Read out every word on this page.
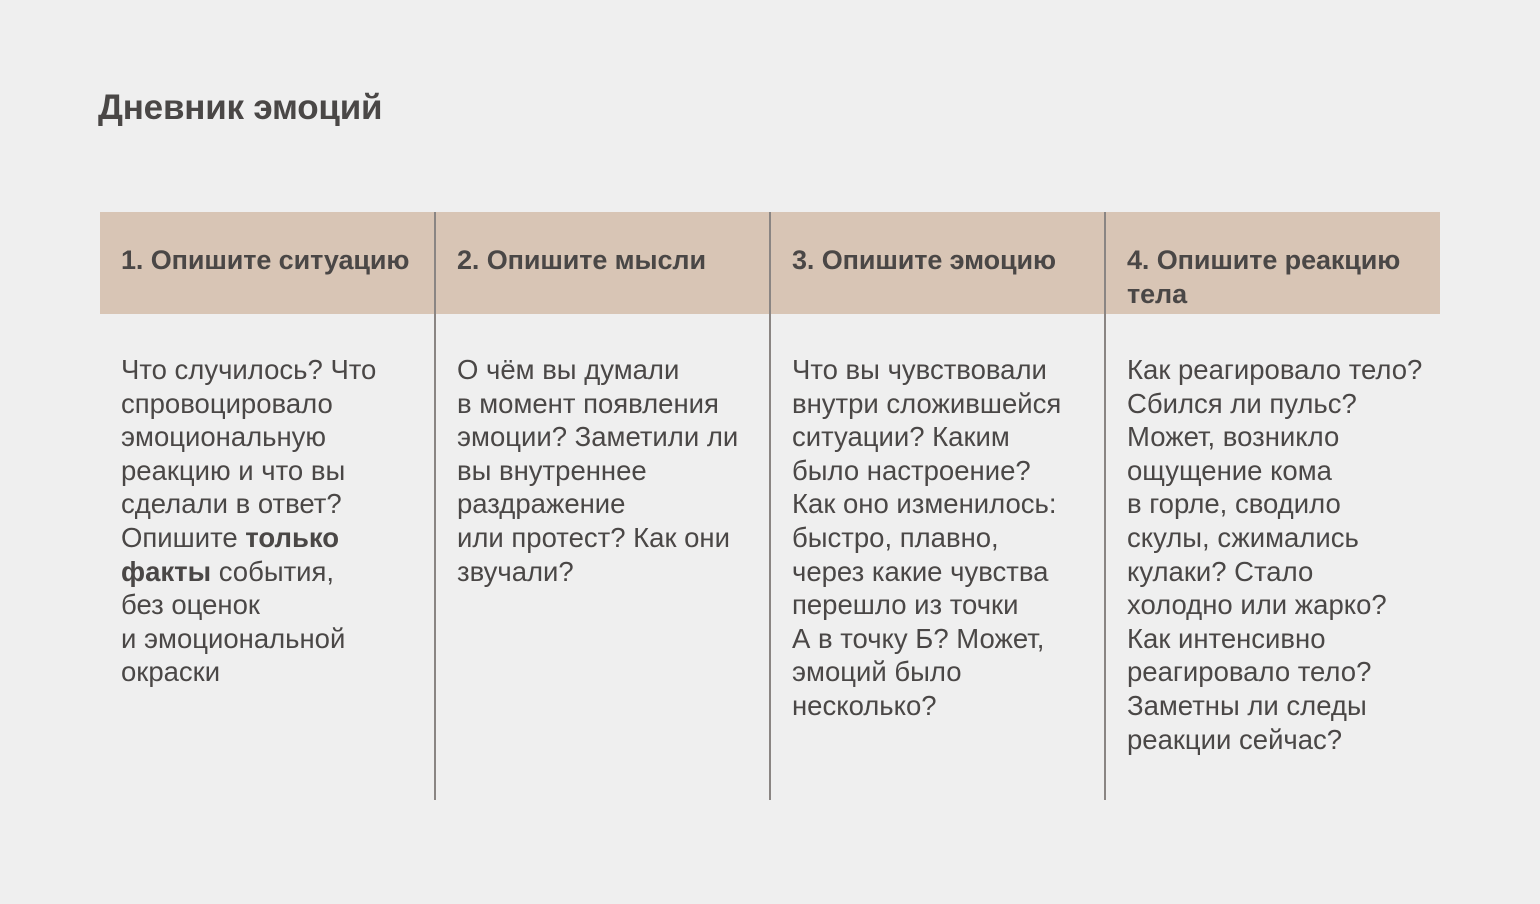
Дневник эмоций
1. Опишите ситуацию
Что случилось? Что
спровоцировало
эмоциональную
реакцию и что вы
сделали в ответ?
Опишите только
факты события,
без оценок
и эмоциональной
окраски
2. Опишите мысли
О чём вы думали
в момент появления
эмоции? Заметили ли
вы внутреннее
раздражение
или протест? Как они
звучали?
3. Опишите эмоцию
Что вы чувствовали
внутри сложившейся
ситуации? Каким
было настроение?
Как оно изменилось:
быстро, плавно,
через какие чувства
перешло из точки
А в точку Б? Может,
эмоций было
несколько?
4. Опишите реакцию тела
Как реагировало тело?
Сбился ли пульс?
Может, возникло
ощущение кома
в горле, сводило
скулы, сжимались
кулаки? Стало
холодно или жарко?
Как интенсивно
реагировало тело?
Заметны ли следы
реакции сейчас?
